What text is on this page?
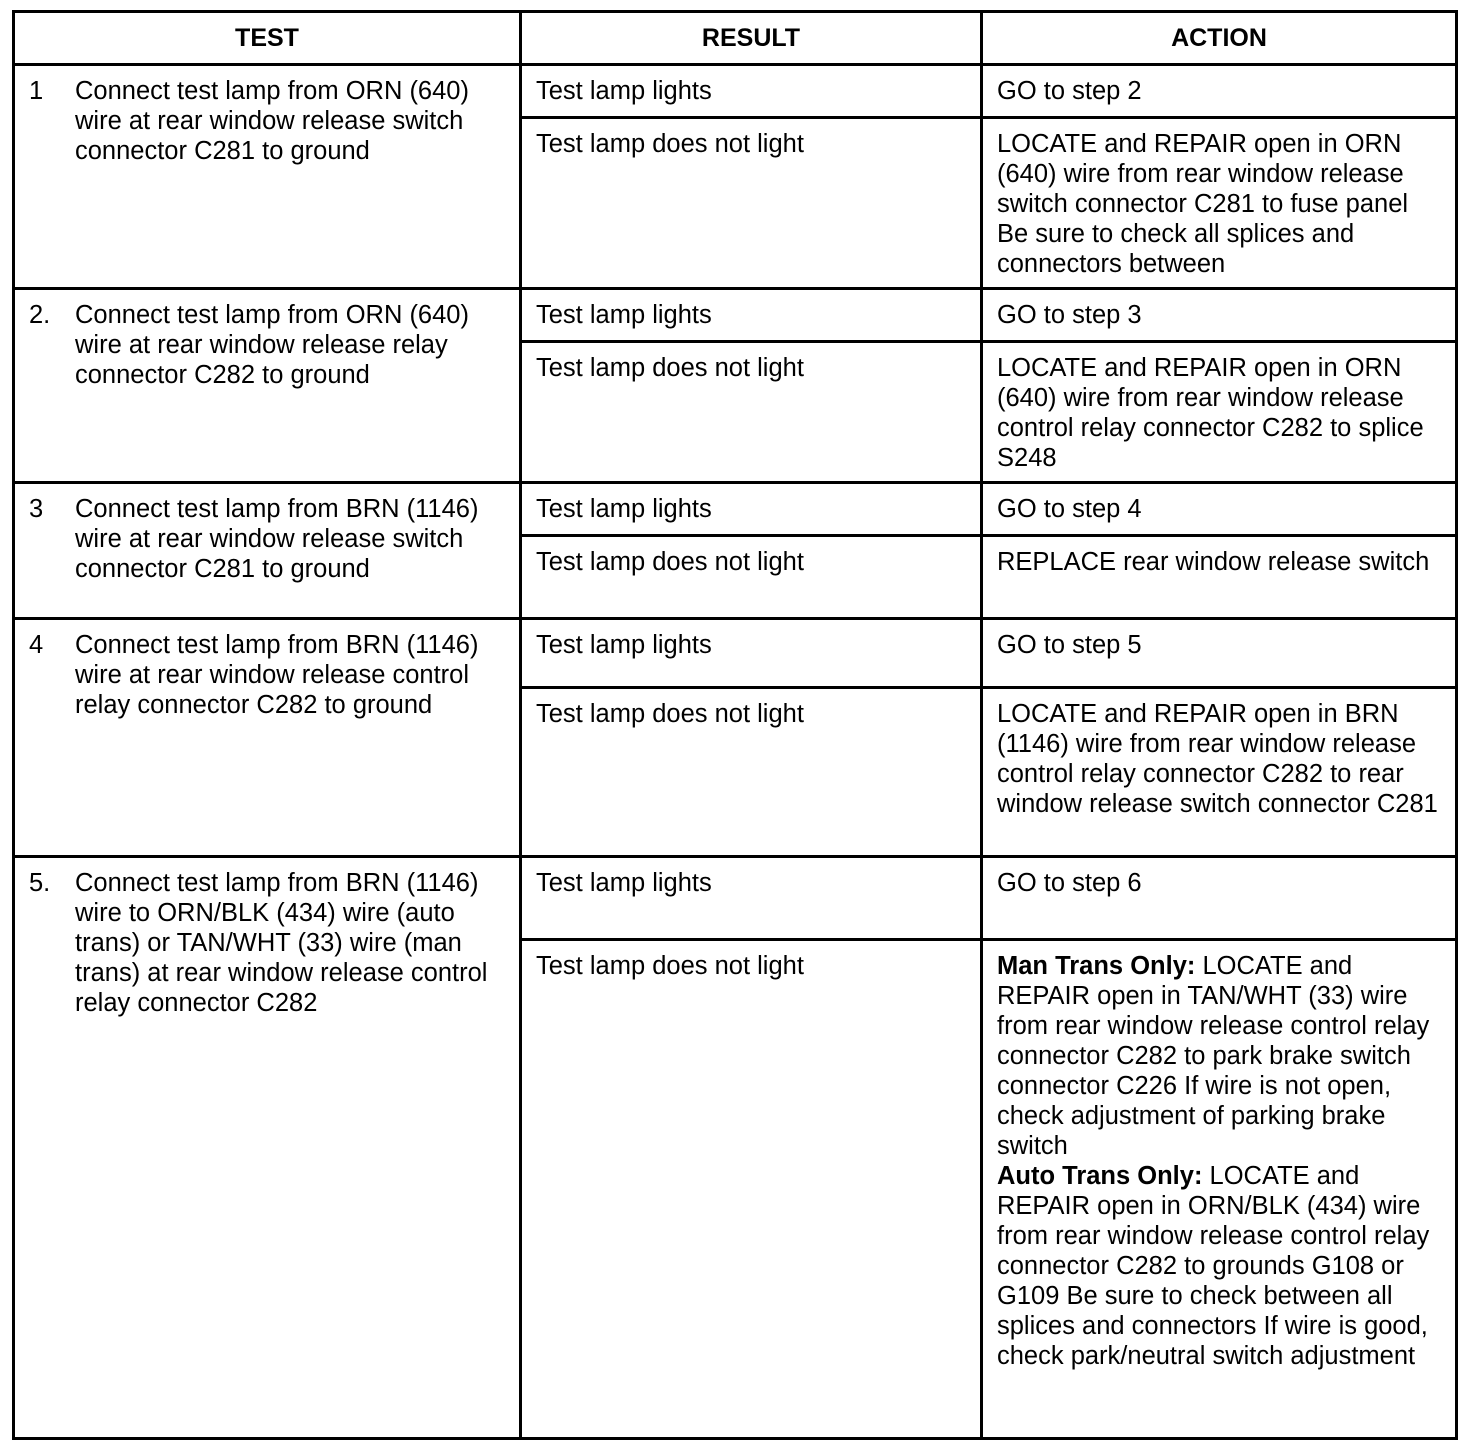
TEST	RESULT	ACTION

1 Connect test lamp from ORN (640) wire at rear window release switch connector C281 to ground	Test lamp lights	GO to step 2
	Test lamp does not light	LOCATE and REPAIR open in ORN (640) wire from rear window release switch connector C281 to fuse panel Be sure to check all splices and connectors between

2. Connect test lamp from ORN (640) wire at rear window release relay connector C282 to ground	Test lamp lights	GO to step 3
	Test lamp does not light	LOCATE and REPAIR open in ORN (640) wire from rear window release control relay connector C282 to splice S248

3 Connect test lamp from BRN (1146) wire at rear window release switch connector C281 to ground	Test lamp lights	GO to step 4
	Test lamp does not light	REPLACE rear window release switch

4 Connect test lamp from BRN (1146) wire at rear window release control relay connector C282 to ground	Test lamp lights	GO to step 5
	Test lamp does not light	LOCATE and REPAIR open in BRN (1146) wire from rear window release control relay connector C282 to rear window release switch connector C281

5. Connect test lamp from BRN (1146) wire to ORN/BLK (434) wire (auto trans) or TAN/WHT (33) wire (man trans) at rear window release control relay connector C282	Test lamp lights	GO to step 6
	Test lamp does not light	Man Trans Only: LOCATE and REPAIR open in TAN/WHT (33) wire from rear window release control relay connector C282 to park brake switch connector C226 If wire is not open, check adjustment of parking brake switch
Auto Trans Only: LOCATE and REPAIR open in ORN/BLK (434) wire from rear window release control relay connector C282 to grounds G108 or G109 Be sure to check between all splices and connectors If wire is good, check park/neutral switch adjustment
